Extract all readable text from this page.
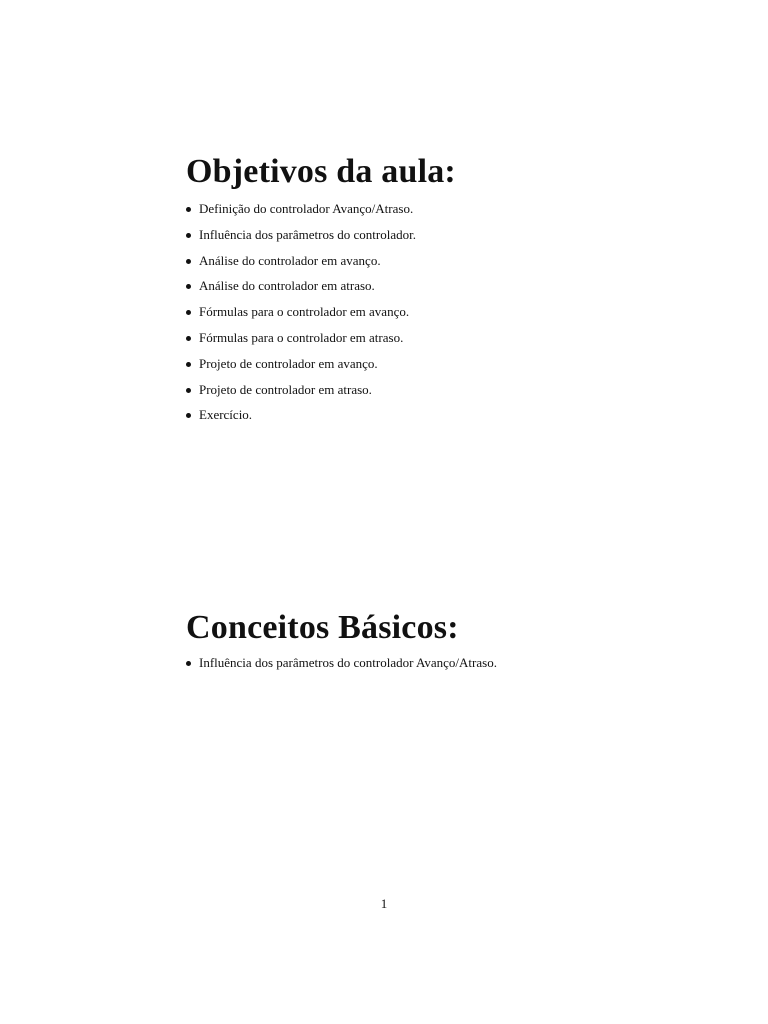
Objetivos da aula:
Definição do controlador Avanço/Atraso.
Influência dos parâmetros do controlador.
Análise do controlador em avanço.
Análise do controlador em atraso.
Fórmulas para o controlador em avanço.
Fórmulas para o controlador em atraso.
Projeto de controlador em avanço.
Projeto de controlador em atraso.
Exercício.
Conceitos Básicos:
Influência dos parâmetros do controlador Avanço/Atraso.
1
